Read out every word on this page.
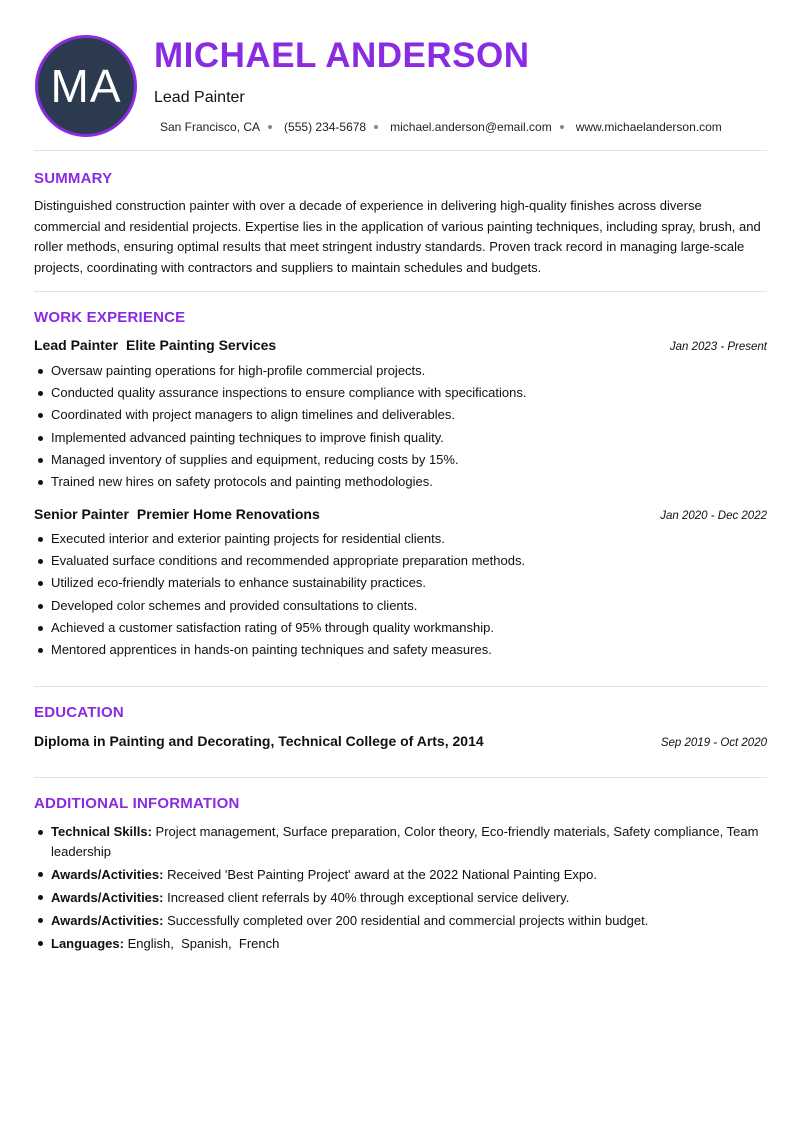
MA
MICHAEL ANDERSON
Lead Painter
San Francisco, CA (555) 234-5678 michael.anderson@email.com www.michaelanderson.com
SUMMARY

Distinguished construction painter with over a decade of experience in delivering high-quality finishes across diverse commercial and residential projects. Expertise lies in the application of various painting techniques, including spray, brush, and roller methods, ensuring optimal results that meet stringent industry standards. Proven track record in managing large-scale projects, coordinating with contractors and suppliers to maintain schedules and budgets.

WORK EXPERIENCE
Lead Painter Elite Painting Services	Jan 2023 - Present
Oversaw painting operations for high-profile commercial projects.
Conducted quality assurance inspections to ensure compliance with specifications.
Coordinated with project managers to align timelines and deliverables.
Implemented advanced painting techniques to improve finish quality.
Managed inventory of supplies and equipment, reducing costs by 15%.
Trained new hires on safety protocols and painting methodologies.
Senior Painter Premier Home Renovations	Jan 2020 - Dec 2022
Executed interior and exterior painting projects for residential clients.
Evaluated surface conditions and recommended appropriate preparation methods.
Utilized eco-friendly materials to enhance sustainability practices.
Developed color schemes and provided consultations to clients.
Achieved a customer satisfaction rating of 95% through quality workmanship.
Mentored apprentices in hands-on painting techniques and safety measures.
EDUCATION
Diploma in Painting and Decorating, Technical College of Arts, 2014	Sep 2019 - Oct 2020
ADDITIONAL INFORMATION
Technical Skills: Project management, Surface preparation, Color theory, Eco-friendly materials, Safety compliance, Team leadership
Awards/Activities: Received 'Best Painting Project' award at the 2022 National Painting Expo.
Awards/Activities: Increased client referrals by 40% through exceptional service delivery.
Awards/Activities: Successfully completed over 200 residential and commercial projects within budget.
Languages: English,  Spanish,  French
